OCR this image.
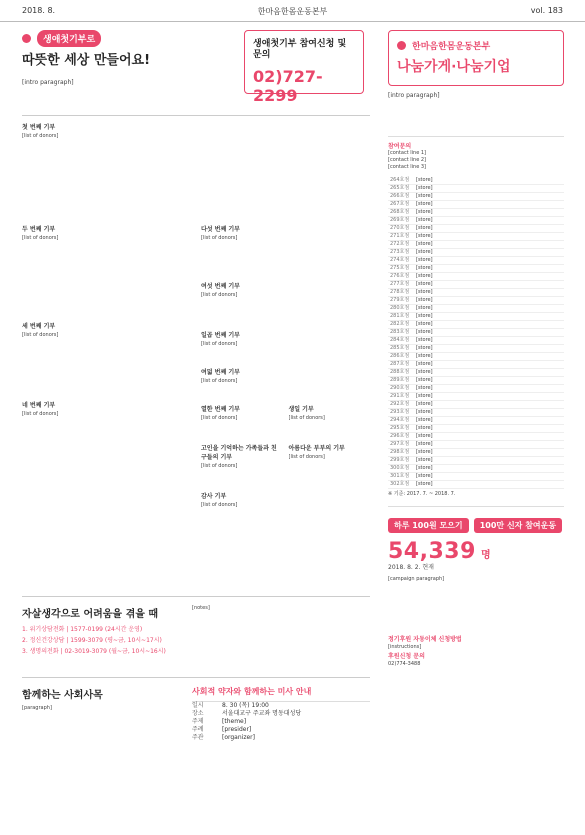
2018. 8.	한마음한몸운동본부	vol. 183
생애첫기부로
따뜻한 세상 만들어요!
[intro paragraph]
생애첫기부 참여신청 및 문의
02)727-2299
첫 번째 기부
[list of donors]
두 번째 기부
[list of donors]
세 번째 기부
[list of donors]
네 번째 기부
[list of donors]
다섯 번째 기부
[list of donors]
여섯 번째 기부
[list of donors]
일곱 번째 기부
[list of donors]
여덟 번째 기부
[list of donors]
열한 번째 기부
[list of donors]
생일 기부
[list of donors]
고인을 기억하는 가족들과 친구들의 기부
[list of donors]
아름다운 부부의 기부
[list of donors]
감사 기부
[list of donors]
자살생각으로 어려움을 겪을 때
1. 위기상담전화 | 1577-0199 (24시간 운영)
2. 정신건강상담 | 1599-3079 (평~금, 10시~17시)
3. 생명의전화 | 02-3019-3079 (월~금, 10시~16시)
[notes]
함께하는 사회사목
[paragraph]
사회적 약자와 함께하는 미사 안내
일시	8. 30 (목) 19:00
장소	서울대교구 주교좌 명동대성당
주제	[theme]
주례	[presider]
주관	[organizer]
한마음한몸운동본부
나눔가게·나눔기업
[intro paragraph]
참여문의
[contact line 1]
[contact line 2]
[contact line 3]
264호점	[store]
265호점	[store]
266호점	[store]
267호점	[store]
268호점	[store]
269호점	[store]
270호점	[store]
271호점	[store]
272호점	[store]
273호점	[store]
274호점	[store]
275호점	[store]
276호점	[store]
277호점	[store]
278호점	[store]
279호점	[store]
280호점	[store]
281호점	[store]
282호점	[store]
283호점	[store]
284호점	[store]
285호점	[store]
286호점	[store]
287호점	[store]
288호점	[store]
289호점	[store]
290호점	[store]
291호점	[store]
292호점	[store]
293호점	[store]
294호점	[store]
295호점	[store]
296호점	[store]
297호점	[store]
298호점	[store]
299호점	[store]
300호점	[store]
301호점	[store]
302호점	[store]
※ 기준: 2017. 7. ~ 2018. 7.
하루 100원 모으기 100만 신자 참여운동
54,339 명
2018. 8. 2. 현재
[campaign paragraph]
정기후원 자동이체 신청방법
[instructions]
후원신청 문의
02)774-3488
